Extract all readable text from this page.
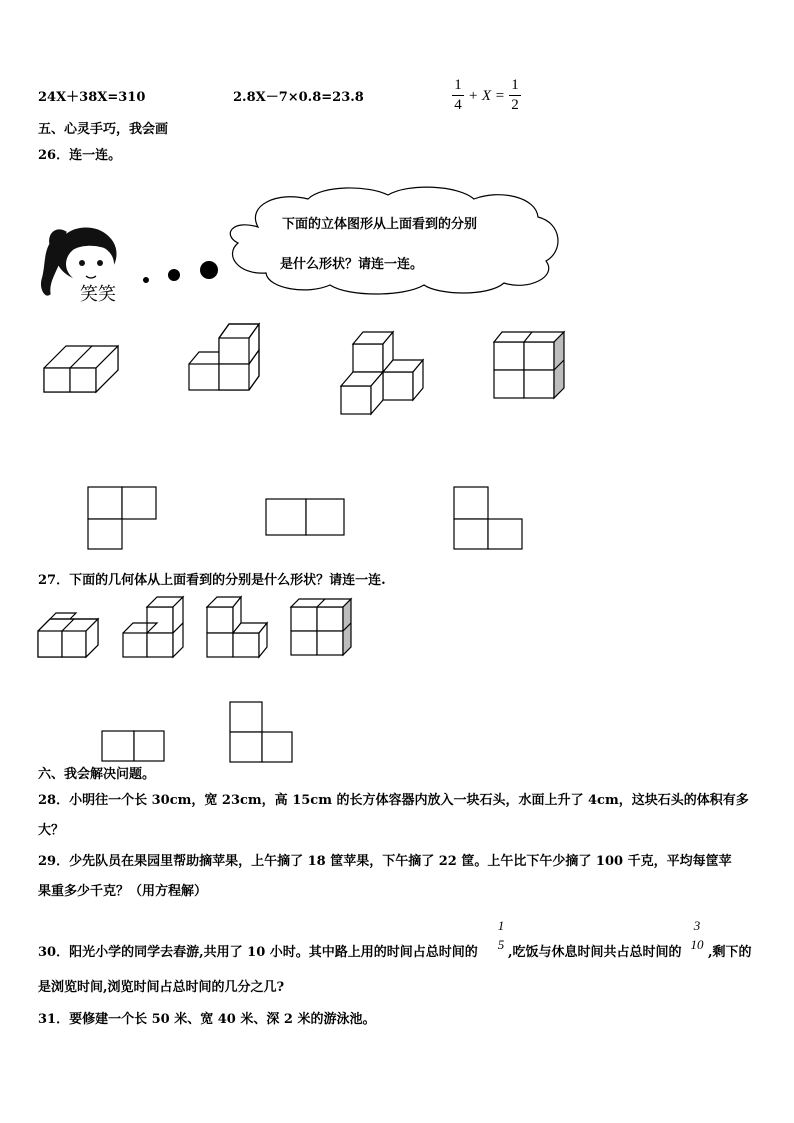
24X＋38X=310	2.8X－7×0.8=23.8
1
4
+ X =
1
2
五、心灵手巧，我会画
26．连一连。
笑笑
下面的立体图形从上面看到的分别
是什么形状？请连一连。
27．下面的几何体从上面看到的分别是什么形状？请连一连.
六、我会解决问题。
28．小明往一个长 30cm，宽 23cm，高 15cm 的长方体容器内放入一块石头，水面上升了 4cm，这块石头的体积有多
大？
29．少先队员在果园里帮助摘苹果，上午摘了 18 筐苹果，下午摘了 22 筐。上午比下午少摘了 100 千克，平均每筐苹
果重多少千克？（用方程解）
30．阳光小学的同学去春游,共用了 10 小时。其中路上用的时间占总时间的
1
5
,吃饭与休息时间共占总时间的
3
10
,剩下的
是浏览时间,浏览时间占总时间的几分之几?
31．要修建一个长 50 米、宽 40 米、深 2 米的游泳池。
